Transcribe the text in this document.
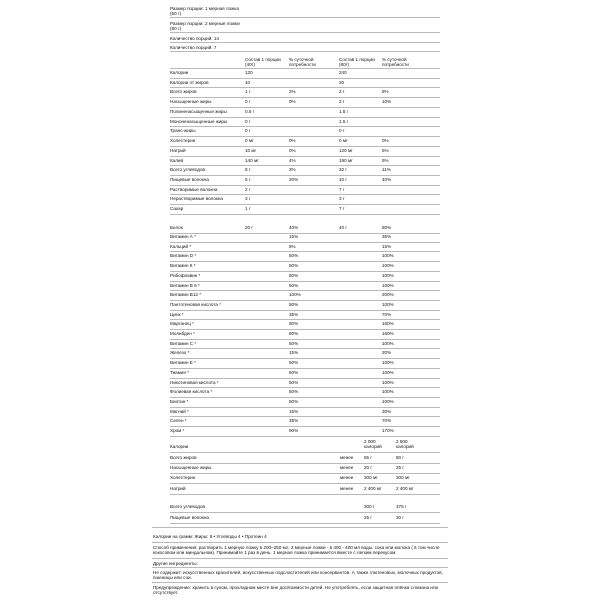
Размер порции: 1 мерная ложка
(50 г)
Размер порции: 2 мерные ложки
(80 г)
Количество порций: 14
Количество порций: 7
Состав 1 порции
(40г)
% суточной
потребности
Состав 1 порции
(80г)
% суточной
потребности
Калории	120	240
Калории от жиров	10	20
Всего жиров	1 г	2%	2 г	8%
Насыщенные жиры	0 г	0%	2 г	10%
Полиненасыщенные жиры	0.5 г	1.5 г
Мононенасыщенные жиры	0 г	1.5 г
Транс-жиры	0 г	0 г
Холестерин	0 мг	0%	0 мг	0%
Натрий	10 мг	0%	120 мг	5%
Калий	140 мг	4%	190 мг	5%
Всего углеводов	8 г	3%	32 г	11%
Пищевые волокна	5 г	20%	10 г	40%
Растворимые волокна	2 г	7 г
Нерастворимые волокна	3 г	3 г
Сахар	1 г	7 г
Белок	20 г	40%	40 г	80%
Витамин А *	15%	35%
Кальций *	8%	15%
Витамин D *	50%	100%
Витамин К *	50%	100%
Рибофлавин *	50%	100%
Витамин В 6 *	50%	100%
Витамин В12 *	100%	200%
Пантотеновая кислота *	50%	100%
Цинк *	35%	70%
Марганец *	80%	160%
Молибден *	80%	160%
Витамин С *	50%	100%
Железо *	15%	20%
Витамин Е *	50%	100%
Тиамин *	50%	100%
Никотиновая кислота *	50%	100%
Фолиевая кислота *	50%	100%
Биотин *	50%	100%
Магний *	15%	30%
Селен *	35%	70%
Хром *	90%	170%
Калории
2 000
калорий
2 500
калорий
Всего жиров	менее 65 г	80 г
Насыщенные жиры	менее 20 г	25 г
Холестерин	менее 300 мг	300 мг
Натрий	менее 2 400 мг	2 400 мг
Всего углеводов	300 г	375 г
Пищевые волокна	25 г	30 г
Калории на грамм: Жиры: 9 • Углеводы 4 • Протеин 4
Способ применения: растворить 1 мерную ложку в 200–250 мл, 2 мерные ложки - в 400 - 400 мл воды, сока или молока ( в том числе кокосовом или миндальном). Принимайте 1 раз в день. 1 мерная ложка принимается вместе с легким перекусом.
Другие ингредиенты:
Не содержит: искусственных красителей, искусственных подсластителей или консервантов. А также глютеновых, молочных продуктов, пшеницы или сои.
Предупреждение: хранить в сухом, прохладном месте вне досягаемости детей. Не употреблять, если защитная плёнка сломана или отсутствует.
